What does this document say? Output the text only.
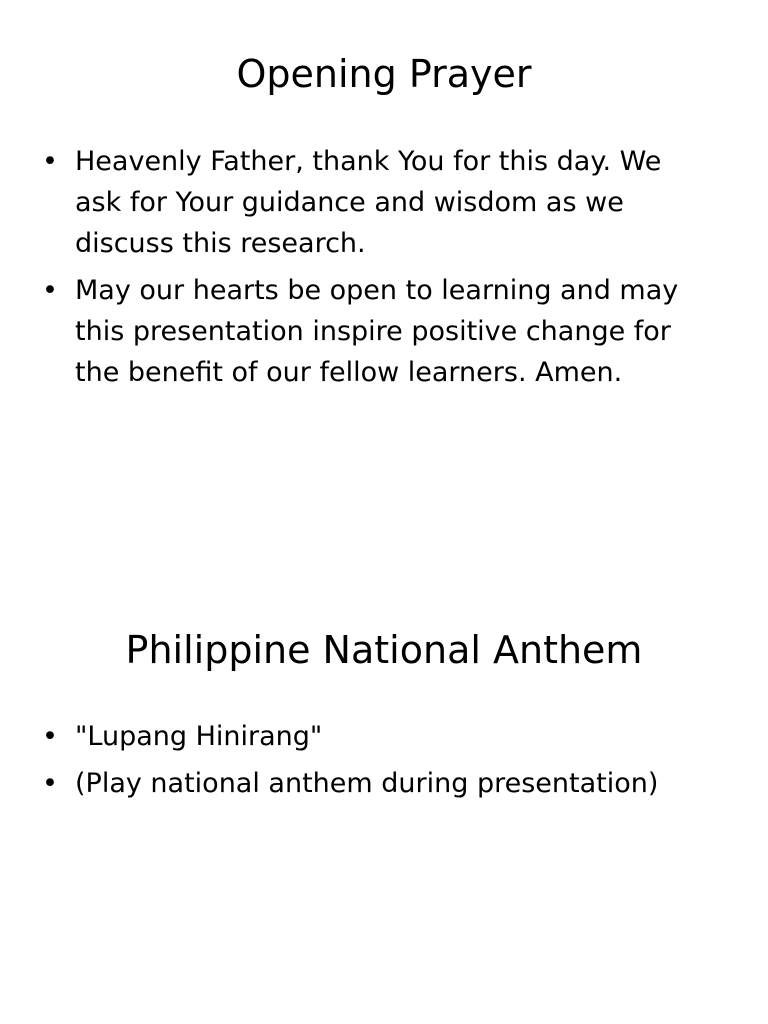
Opening Prayer
• Heavenly Father, thank You for this day. We ask for Your guidance and wisdom as we discuss this research.
• May our hearts be open to learning and may this presentation inspire positive change for the benefit of our fellow learners. Amen.
Philippine National Anthem
• "Lupang Hinirang"
• (Play national anthem during presentation)
